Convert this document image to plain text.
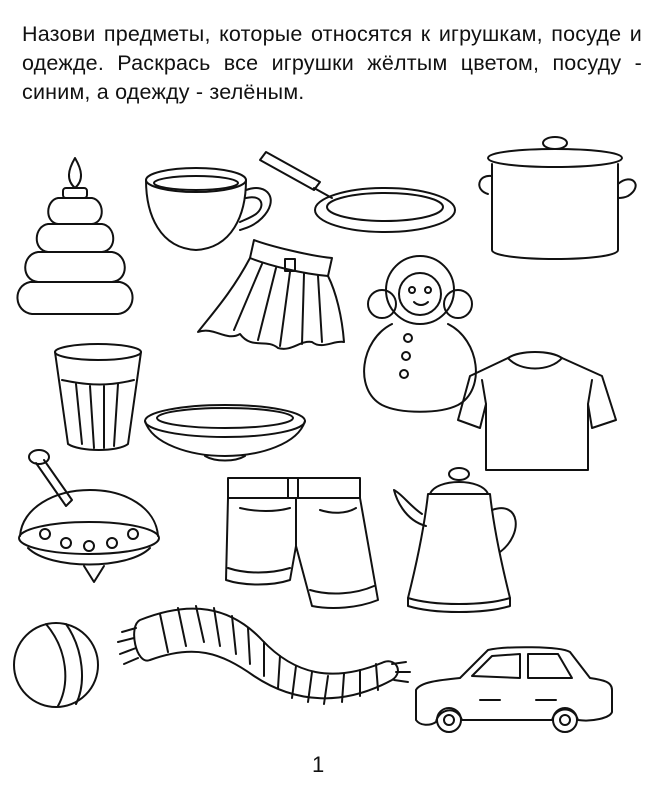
Назови предметы, которые относятся к игрушкам, посуде и одежде. Раскрась все игрушки жёлтым цветом, посуду - синим, а одежду - зелёным.
1
